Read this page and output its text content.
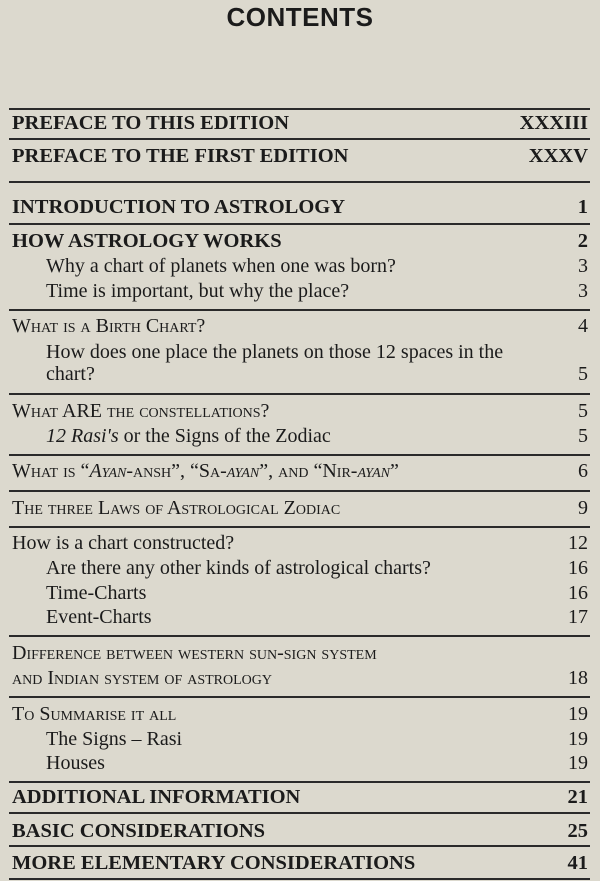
CONTENTS
PREFACE TO THIS EDITION	XXXIII
PREFACE TO THE FIRST EDITION	XXXV
INTRODUCTION TO ASTROLOGY	1
HOW ASTROLOGY WORKS	2
Why a chart of planets when one was born?	3
Time is important, but why the place?	3
What is a Birth Chart?	4
How does one place the planets on those 12 spaces in the chart?	5
What ARE the constellations?	5
12 Rasi's or the Signs of the Zodiac	5
What is “Ayan-ansh”, “Sa-ayan”, and “Nir-ayan”	6
The three Laws of Astrological Zodiac	9
How is a chart constructed?	12
Are there any other kinds of astrological charts?	16
Time-Charts	16
Event-Charts	17
Difference between western sun-sign system
and Indian system of astrology	18
To Summarise it all	19
The Signs – Rasi	19
Houses	19
ADDITIONAL INFORMATION	21
BASIC CONSIDERATIONS	25
MORE ELEMENTARY CONSIDERATIONS	41
